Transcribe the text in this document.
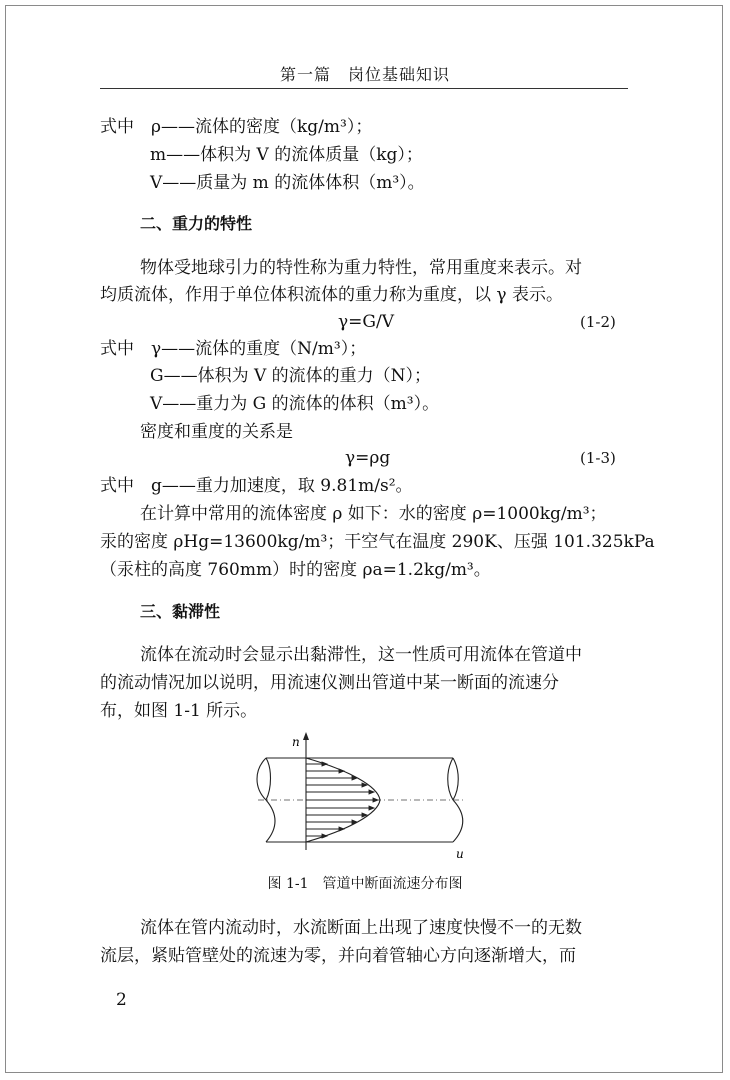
第一篇　岗位基础知识
式中　ρ——流体的密度（kg/m³）；
m——体积为 V 的流体质量（kg）；
V——质量为 m 的流体体积（m³）。
二、重力的特性
物体受地球引力的特性称为重力特性，常用重度来表示。对
均质流体，作用于单位体积流体的重力称为重度，以 γ 表示。
γ=G/V	(1-2)
式中　γ——流体的重度（N/m³）；
G——体积为 V 的流体的重力（N）；
V——重力为 G 的流体的体积（m³）。
密度和重度的关系是
γ=ρg	(1-3)
式中　g——重力加速度，取 9.81m/s²。
在计算中常用的流体密度 ρ 如下：水的密度 ρ=1000kg/m³；
汞的密度 ρHg=13600kg/m³；干空气在温度 290K、压强 101.325kPa
（汞柱的高度 760mm）时的密度 ρa=1.2kg/m³。
三、黏滞性
流体在流动时会显示出黏滞性，这一性质可用流体在管道中
的流动情况加以说明，用流速仪测出管道中某一断面的流速分
布，如图 1-1 所示。
n
u
图 1-1　管道中断面流速分布图
流体在管内流动时，水流断面上出现了速度快慢不一的无数
流层，紧贴管壁处的流速为零，并向着管轴心方向逐渐增大，而
2
